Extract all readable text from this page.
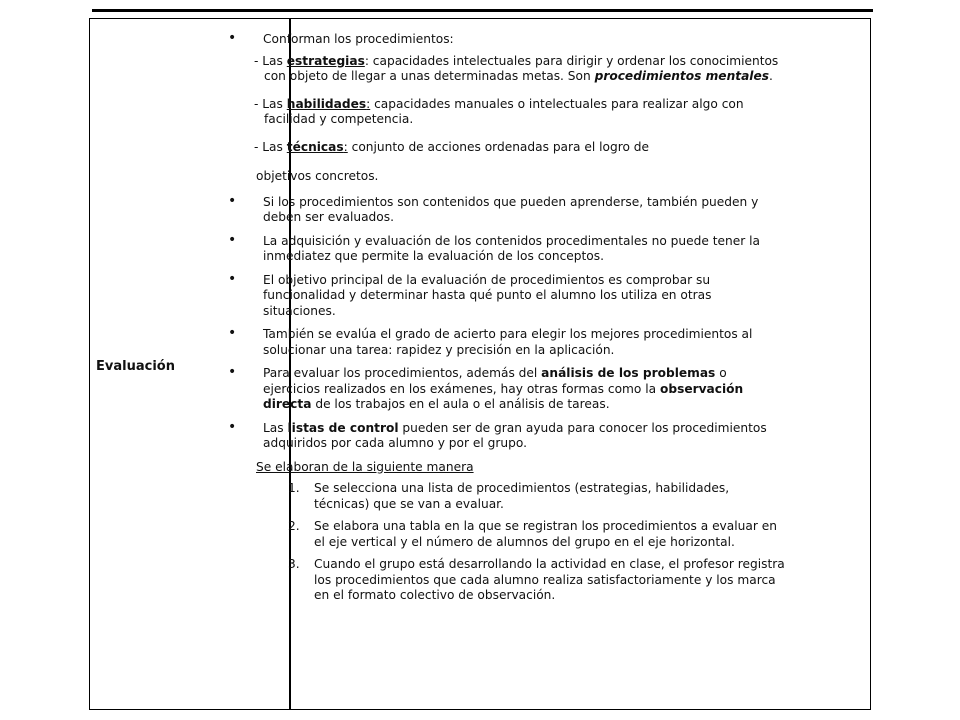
Evaluación
• Conforman los procedimientos:
- Las estrategias: capacidades intelectuales para dirigir y ordenar los conocimientos con objeto de llegar a unas determinadas metas. Son procedimientos mentales.
- Las habilidades: capacidades manuales o intelectuales para realizar algo con facilidad y competencia.
- Las técnicas: conjunto de acciones ordenadas para el logro de
objetivos concretos.
• Si los procedimientos son contenidos que pueden aprenderse, también pueden y deben ser evaluados.
• La adquisición y evaluación de los contenidos procedimentales no puede tener la inmediatez que permite la evaluación de los conceptos.
• El objetivo principal de la evaluación de procedimientos es comprobar su funcionalidad y determinar hasta qué punto el alumno los utiliza en otras situaciones.
• También se evalúa el grado de acierto para elegir los mejores procedimientos al solucionar una tarea: rapidez y precisión en la aplicación.
• Para evaluar los procedimientos, además del análisis de los problemas o ejercicios realizados en los exámenes, hay otras formas como la observación directa de los trabajos en el aula o el análisis de tareas.
• Las listas de control pueden ser de gran ayuda para conocer los procedimientos adquiridos por cada alumno y por el grupo.
Se elaboran de la siguiente manera
1. Se selecciona una lista de procedimientos (estrategias, habilidades, técnicas) que se van a evaluar.
2. Se elabora una tabla en la que se registran los procedimientos a evaluar en el eje vertical y el número de alumnos del grupo en el eje horizontal.
3. Cuando el grupo está desarrollando la actividad en clase, el profesor registra los procedimientos que cada alumno realiza satisfactoriamente y los marca en el formato colectivo de observación.
